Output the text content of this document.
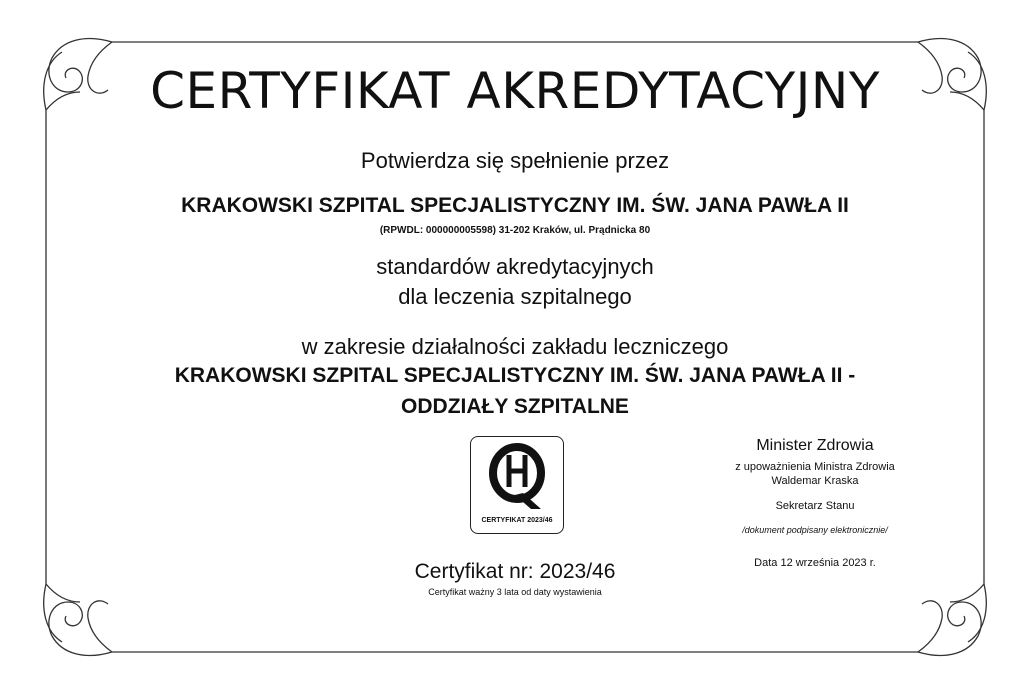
CERTYFIKAT AKREDYTACYJNY
Potwierdza się spełnienie przez
KRAKOWSKI SZPITAL SPECJALISTYCZNY IM. ŚW. JANA PAWŁA II
(RPWDL: 000000005598) 31-202 Kraków, ul. Prądnicka 80
standardów akredytacyjnych
dla leczenia szpitalnego
w zakresie działalności zakładu leczniczego
KRAKOWSKI SZPITAL SPECJALISTYCZNY IM. ŚW. JANA PAWŁA II -
ODDZIAŁY SZPITALNE
CERTYFIKAT 2023/46
Minister Zdrowia
z upoważnienia Ministra Zdrowia
Waldemar Kraska
Sekretarz Stanu
/dokument podpisany elektronicznie/
Data 12 września 2023 r.
Certyfikat nr: 2023/46
Certyfikat ważny 3 lata od daty wystawienia
